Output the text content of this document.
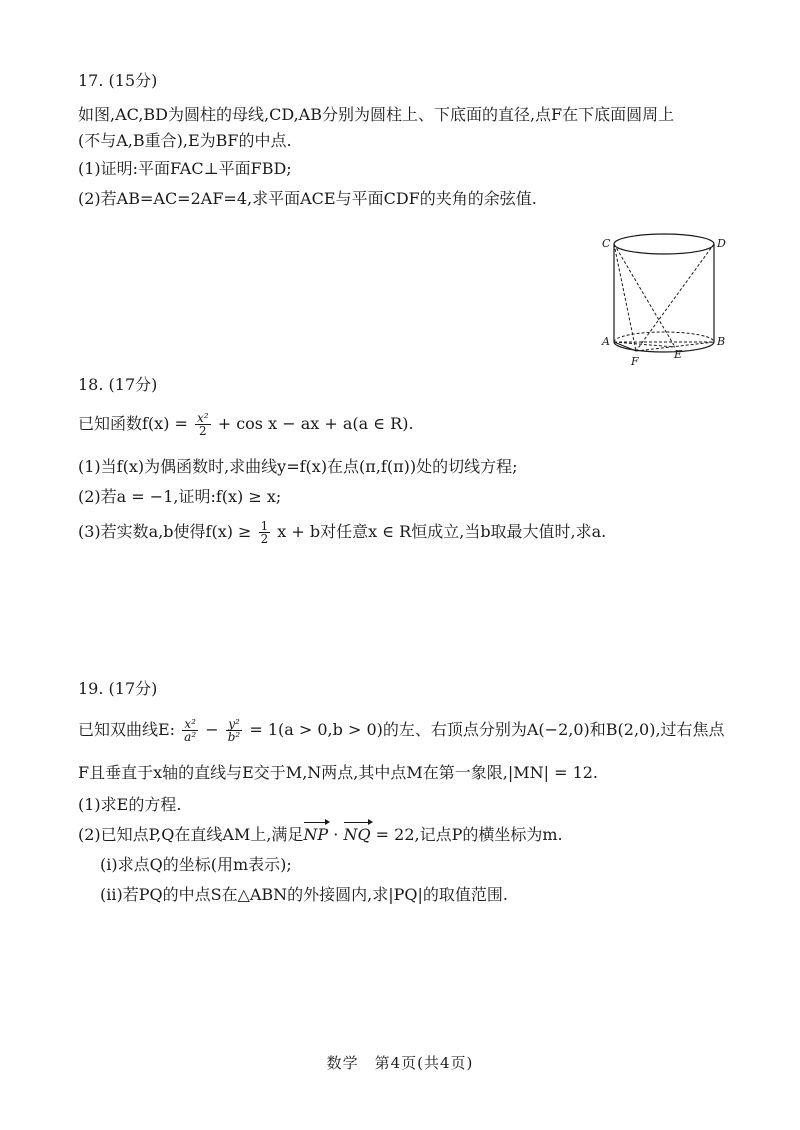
17. (15分)
如图,AC,BD为圆柱的母线,CD,AB分别为圆柱上、下底面的直径,点F在下底面圆周上
(不与A,B重合),E为BF的中点.
(1)证明:平面FAC⊥平面FBD;
(2)若AB=AC=2AF=4,求平面ACE与平面CDF的夹角的余弦值.
C	D
A	B
E
F
18. (17分)
已知函数$f(x) = \frac{\text{x²}}{2} + \cos x$ − ax + a(a ∈ R).
(1)当f(x)为偶函数时,求曲线y=f(x)在点(π,f(π))处的切线方程;
(2)若a = −1,证明:f(x) ≥ x;
(3)若实数a,b使得$f(x) \ge \frac{1}{2}$ x + b对任意x ∈ R恒成立,当b取最大值时,求a.
19. (17分)
已知双曲线E: $\frac{\text{x²}}{\text{a²}} - \frac{\text{y²}}{\text{b²}} = 1(a > 0,b > 0)$的左、右顶点分别为A(−2,0)和B(2,0),过右焦点
F且垂直于x轴的直线与E交于M,N两点,其中点M在第一象限,|MN| = 12.
(1)求E的方程.
(2)已知点P,Q在直线AM上,满足NP · NQ = 22,记点P的横坐标为m.
(ⅰ)求点Q的坐标(用m表示);
(ⅱ)若PQ的中点S在△ABN的外接圆内,求|PQ|的取值范围.
数学　第4页(共4页)
